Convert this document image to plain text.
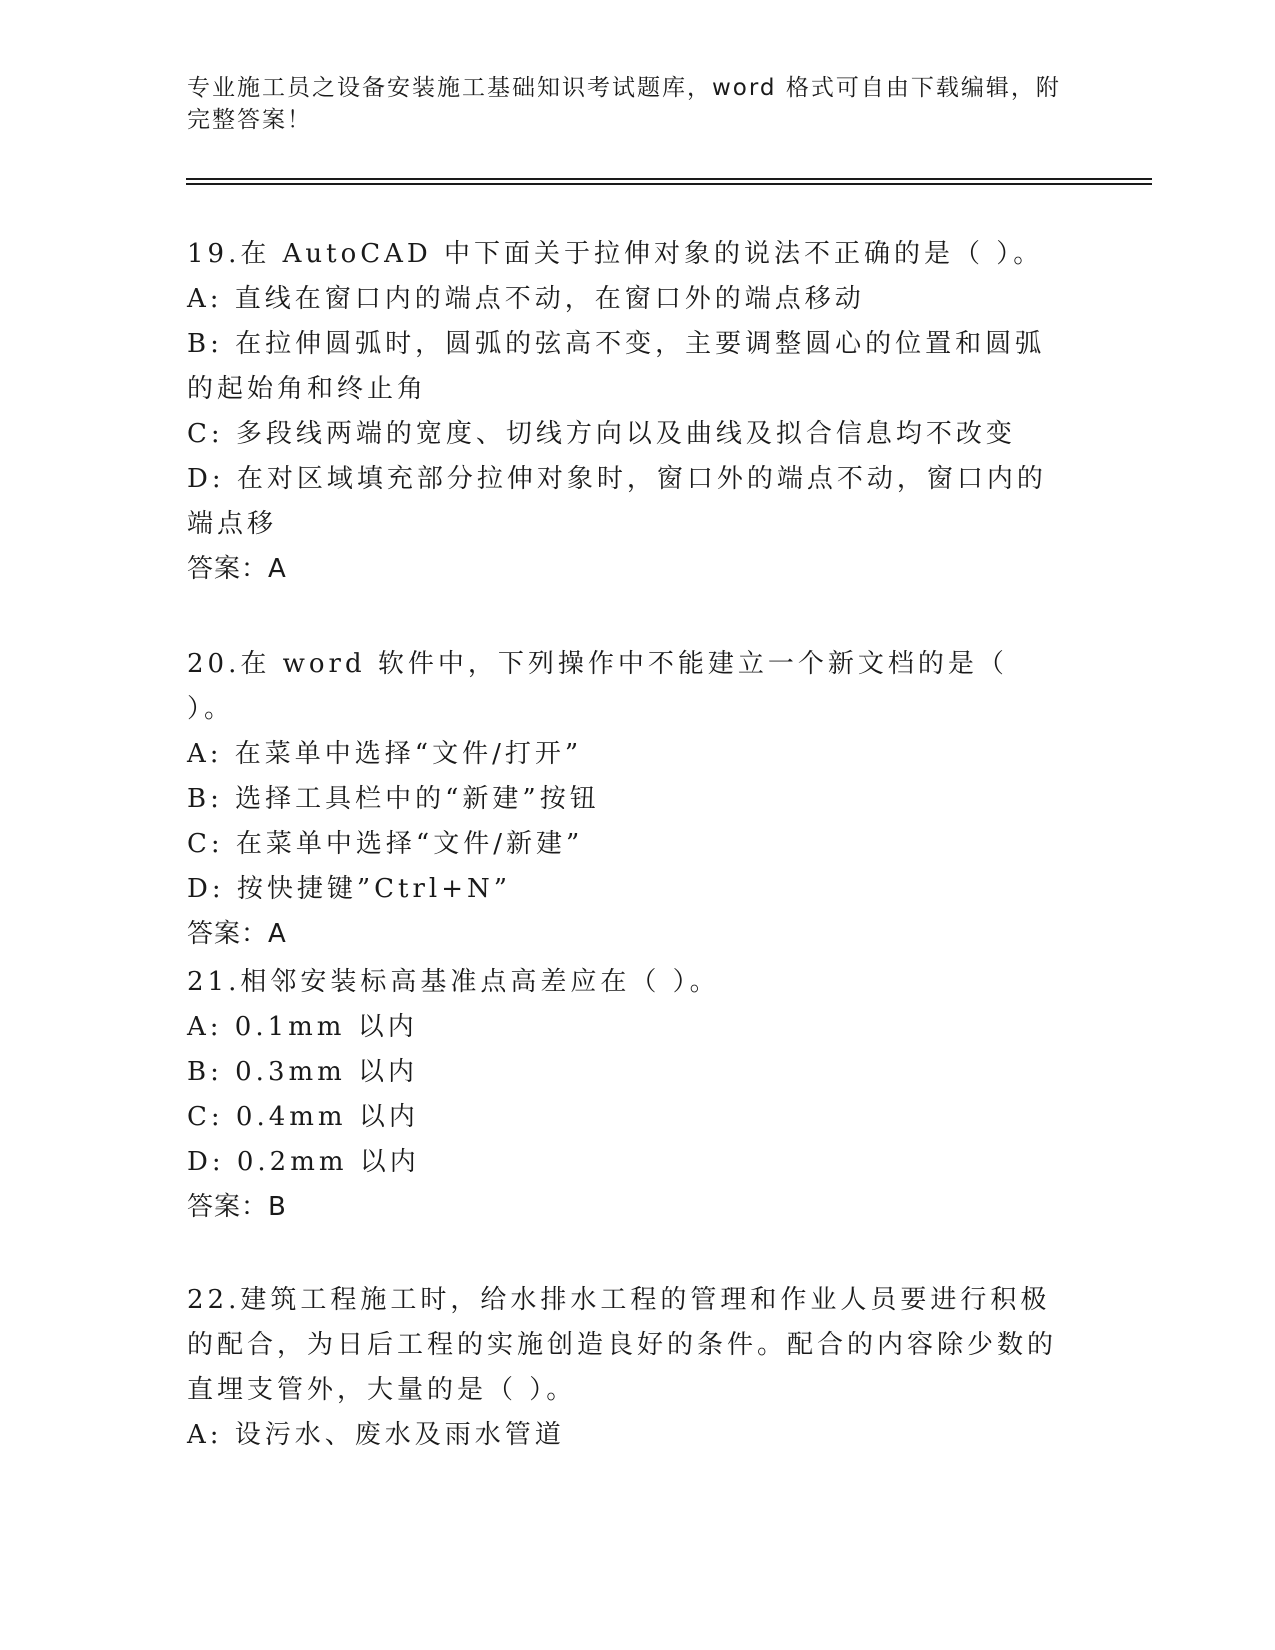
专业施工员之设备安装施工基础知识考试题库，word 格式可自由下载编辑，附完整答案！
19.在 AutoCAD 中下面关于拉伸对象的说法不正确的是（ ）。
A: 直线在窗口内的端点不动，在窗口外的端点移动
B: 在拉伸圆弧时，圆弧的弦高不变，主要调整圆心的位置和圆弧的起始角和终止角
C: 多段线两端的宽度、切线方向以及曲线及拟合信息均不改变
D: 在对区域填充部分拉伸对象时，窗口外的端点不动，窗口内的端点移
答案：A
20.在 word 软件中，下列操作中不能建立一个新文档的是（ ）。
A: 在菜单中选择“文件/打开”
B: 选择工具栏中的“新建”按钮
C: 在菜单中选择“文件/新建”
D: 按快捷键”Ctrl+N”
答案：A
21.相邻安装标高基准点高差应在（ ）。
A: 0.1mm 以内
B: 0.3mm 以内
C: 0.4mm 以内
D: 0.2mm 以内
答案：B
22.建筑工程施工时，给水排水工程的管理和作业人员要进行积极的配合，为日后工程的实施创造良好的条件。配合的内容除少数的直埋支管外，大量的是（ ）。
A: 设污水、废水及雨水管道
